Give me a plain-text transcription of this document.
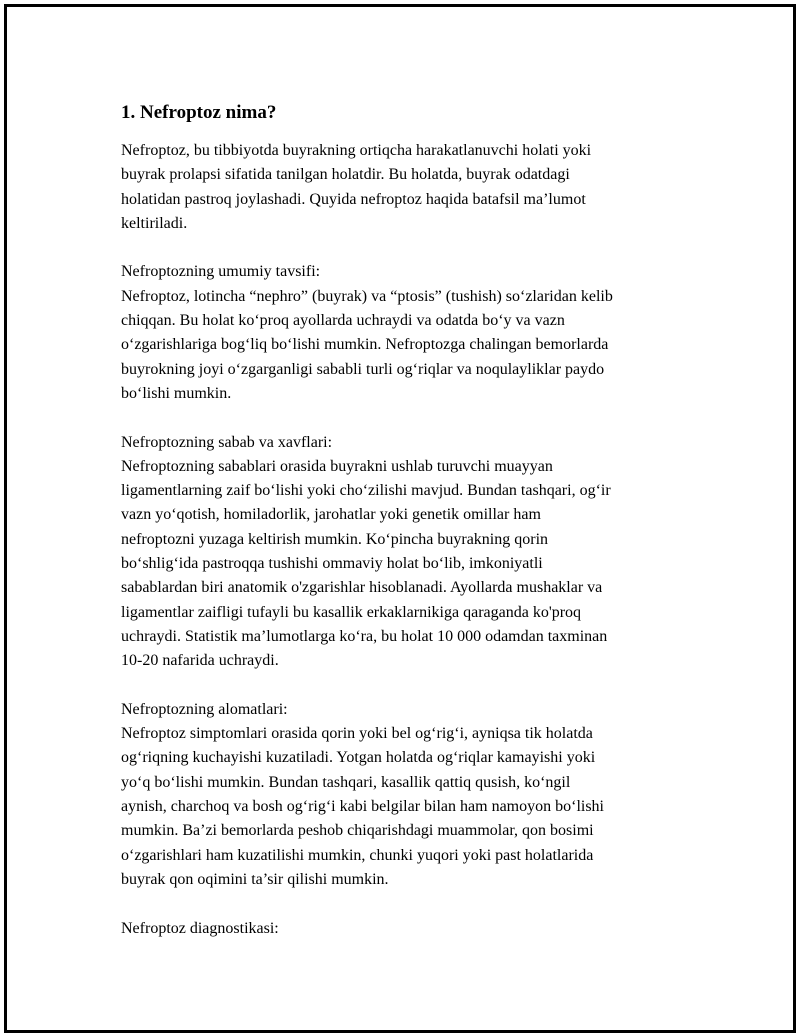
1. Nefroptoz nima?

Nefroptoz, bu tibbiyotda buyrakning ortiqcha harakatlanuvchi holati yoki
buyrak prolapsi sifatida tanilgan holatdir. Bu holatda, buyrak odatdagi
holatidan pastroq joylashadi. Quyida nefroptoz haqida batafsil ma’lumot
keltiriladi.

Nefroptozning umumiy tavsifi:
Nefroptoz, lotincha “nephro” (buyrak) va “ptosis” (tushish) so‘zlaridan kelib
chiqqan. Bu holat ko‘proq ayollarda uchraydi va odatda bo‘y va vazn
o‘zgarishlariga bog‘liq bo‘lishi mumkin. Nefroptozga chalingan bemorlarda
buyrokning joyi o‘zgarganligi sababli turli og‘riqlar va noqulayliklar paydo
bo‘lishi mumkin.

Nefroptozning sabab va xavflari:
Nefroptozning sabablari orasida buyrakni ushlab turuvchi muayyan
ligamentlarning zaif bo‘lishi yoki cho‘zilishi mavjud. Bundan tashqari, og‘ir
vazn yo‘qotish, homiladorlik, jarohatlar yoki genetik omillar ham
nefroptozni yuzaga keltirish mumkin. Ko‘pincha buyrakning qorin
bo‘shlig‘ida pastroqqa tushishi ommaviy holat bo‘lib, imkoniyatli
sabablardan biri anatomik o'zgarishlar hisoblanadi. Ayollarda mushaklar va
ligamentlar zaifligi tufayli bu kasallik erkaklarnikiga qaraganda ko'proq
uchraydi. Statistik ma’lumotlarga ko‘ra, bu holat 10 000 odamdan taxminan
10-20 nafarida uchraydi.

Nefroptozning alomatlari:
Nefroptoz simptomlari orasida qorin yoki bel og‘rig‘i, ayniqsa tik holatda
og‘riqning kuchayishi kuzatiladi. Yotgan holatda og‘riqlar kamayishi yoki
yo‘q bo‘lishi mumkin. Bundan tashqari, kasallik qattiq qusish, ko‘ngil
aynish, charchoq va bosh og‘rig‘i kabi belgilar bilan ham namoyon bo‘lishi
mumkin. Ba’zi bemorlarda peshob chiqarishdagi muammolar, qon bosimi
o‘zgarishlari ham kuzatilishi mumkin, chunki yuqori yoki past holatlarida
buyrak qon oqimini ta’sir qilishi mumkin.

Nefroptoz diagnostikasi:
